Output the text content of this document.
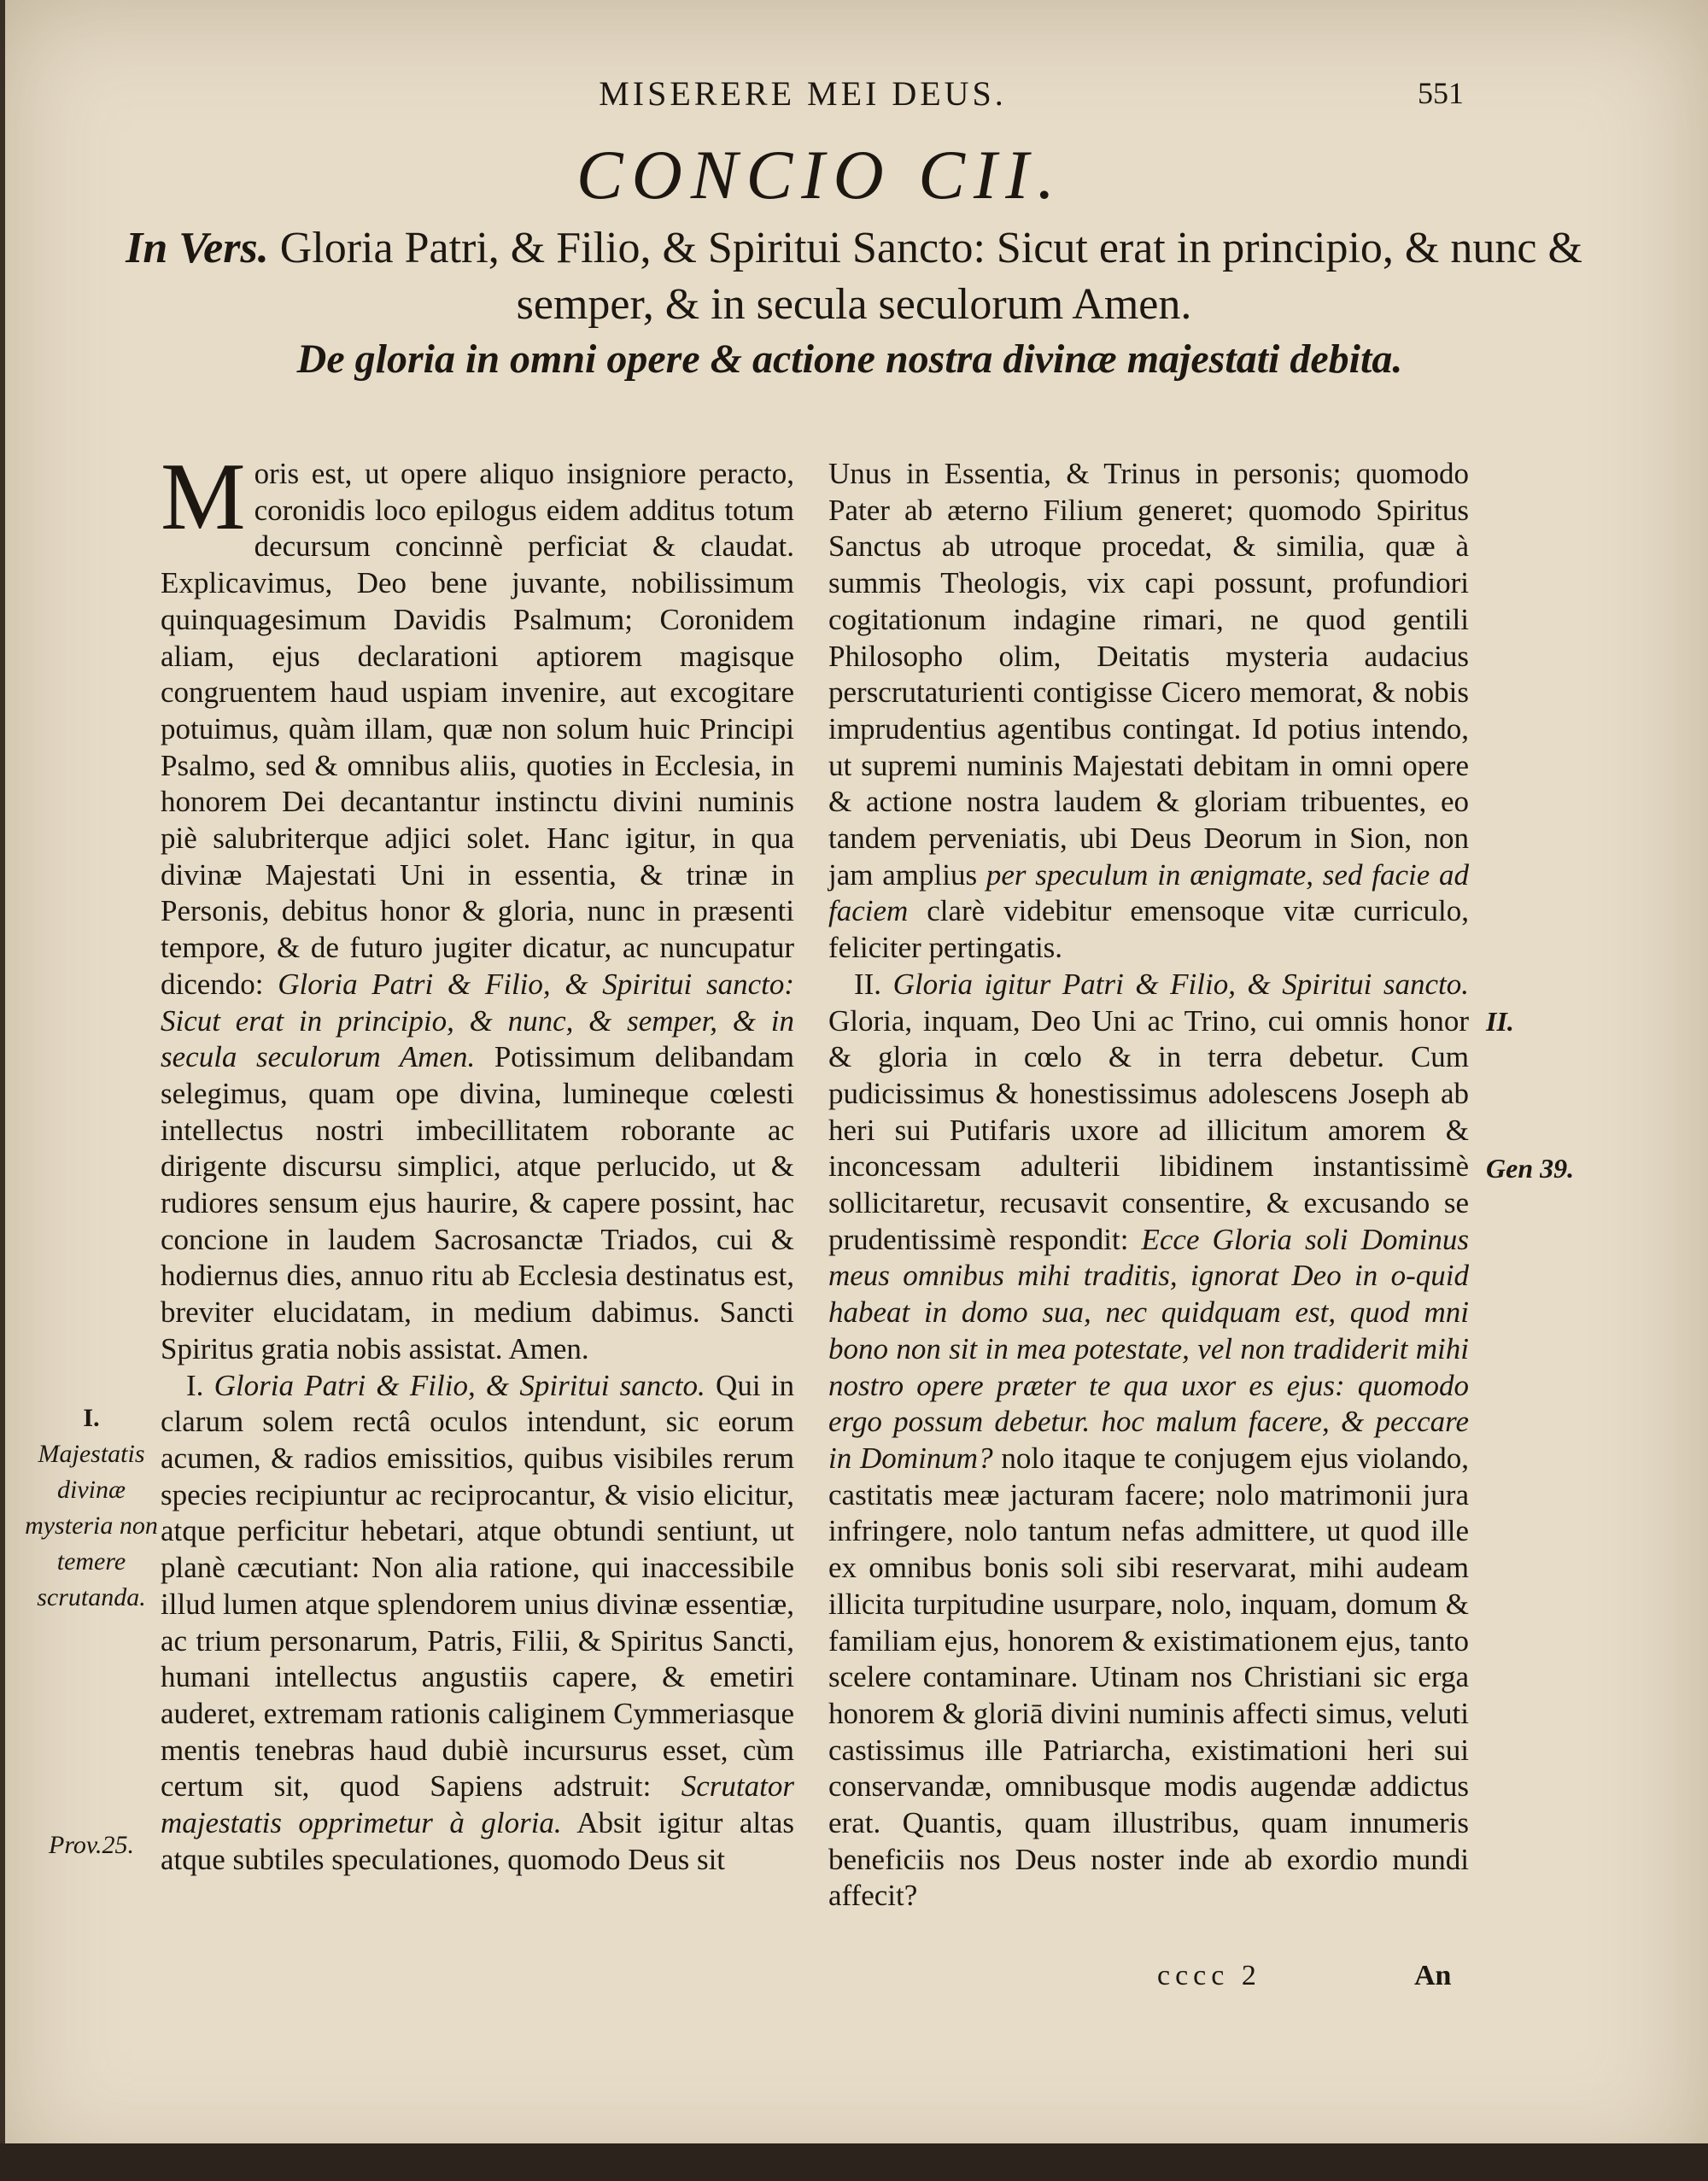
MISERERE MEI DEUS.	551
CONCIO CII.
In Vers. Gloria Patri, & Filio, & Spiritui Sancto: Sicut erat in principio, & nunc & semper, & in secula seculorum Amen.
De gloria in omni opere & actione nostra divinæ majestati debita.

Moris est, ut opere aliquo insigniore peracto, coronidis loco epilogus eidem additus totum decursum concinnè perficiat & claudat. Explicavimus, Deo bene juvante, nobilissimum quinquagesimum Davidis Psalmum; Coronidem aliam, ejus declarationi aptiorem magisque congruentem haud uspiam invenire, aut excogitare potuimus, quàm illam, quæ non solum huic Principi Psalmo, sed & omnibus aliis, quoties in Ecclesia, in honorem Dei decantantur instinctu divini numinis piè salubriterque adjici solet. Hanc igitur, in qua divinæ Majestati Uni in essentia, & trinæ in Personis, debitus honor & gloria, nunc in præsenti tempore, & de futuro jugiter dicatur, ac nuncupatur dicendo: Gloria Patri & Filio, & Spiritui sancto: Sicut erat in principio, & nunc, & semper, & in secula seculorum Amen. Potissimum delibandam selegimus, quam ope divina, lumineque cœlesti intellectus nostri imbecillitatem roborante ac dirigente discursu simplici, atque perlucido, ut & rudiores sensum ejus haurire, & capere possint, hac concione in laudem Sacrosanctæ Triados, cui & hodiernus dies, annuo ritu ab Ecclesia destinatus est, breviter elucidatam, in medium dabimus. Sancti Spiritus gratia nobis assistat. Amen.

I. Gloria Patri & Filio, & Spiritui sancto. Qui in clarum solem rectâ oculos intendunt, sic eorum acumen, & radios emissitios, quibus visibiles rerum species recipiuntur ac reciprocantur, & visio elicitur, atque perficitur hebetari, atque obtundi sentiunt, ut planè cæcutiant: Non alia ratione, qui inaccessibile illud lumen atque splendorem unius divinæ essentiæ, ac trium personarum, Patris, Filii, & Spiritus Sancti, humani intellectus angustiis capere, & emetiri auderet, extremam rationis caliginem Cymmeriasque mentis tenebras haud dubiè incursurus esset, cùm certum sit, quod Sapiens adstruit: Scrutator majestatis opprimetur à gloria. Absit igitur altas atque subtiles speculationes, quomodo Deus sit

Unus in Essentia, & Trinus in personis; quomodo Pater ab æterno Filium generet; quomodo Spiritus Sanctus ab utroque procedat, & similia, quæ à summis Theologis, vix capi possunt, profundiori cogitationum indagine rimari, ne quod gentili Philosopho olim, Deitatis mysteria audacius perscrutaturienti contigisse Cicero memorat, & nobis imprudentius agentibus contingat. Id potius intendo, ut supremi numinis Majestati debitam in omni opere & actione nostra laudem & gloriam tribuentes, eo tandem perveniatis, ubi Deus Deorum in Sion, non jam amplius per speculum in ænigmate, sed facie ad faciem clarè videbitur emensoque vitæ curriculo, feliciter pertingatis.

II. Gloria igitur Patri & Filio, & Spiritui sancto. Gloria, inquam, Deo Uni ac Trino, cui omnis honor & gloria in cœlo & in terra debetur. Cum pudicissimus & honestissimus adolescens Joseph ab heri sui Putifaris uxore ad illicitum amorem & inconcessam adulterii libidinem instantissimè sollicitaretur, recusavit consentire, & excusando se prudentissimè respondit: Ecce Gloria soli Dominus meus omnibus mihi traditis, ignorat Deo in o-quid habeat in domo sua, nec quidquam est, quod mni bono non sit in mea potestate, vel non tradiderit mihi nostro opere præter te qua uxor es ejus: quomodo ergo possum debetur. hoc malum facere, & peccare in Dominum? nolo itaque te conjugem ejus violando, castitatis meæ jacturam facere; nolo matrimonii jura infringere, nolo tantum nefas admittere, ut quod ille ex omnibus bonis soli sibi reservarat, mihi audeam illicita turpitudine usurpare, nolo, inquam, domum & familiam ejus, honorem & existimationem ejus, tanto scelere contaminare. Utinam nos Christiani sic erga honorem & gloriā divini numinis affecti simus, veluti castissimus ille Patriarcha, existimationi heri sui conservandæ, omnibusque modis augendæ addictus erat. Quantis, quam illustribus, quam innumeris beneficiis nos Deus noster inde ab exordio mundi affecit?

I.
Majestatis divinæ mysteria non temere scrutanda.
Prov.25.
II.
Gen 39.
cccc 2	An
